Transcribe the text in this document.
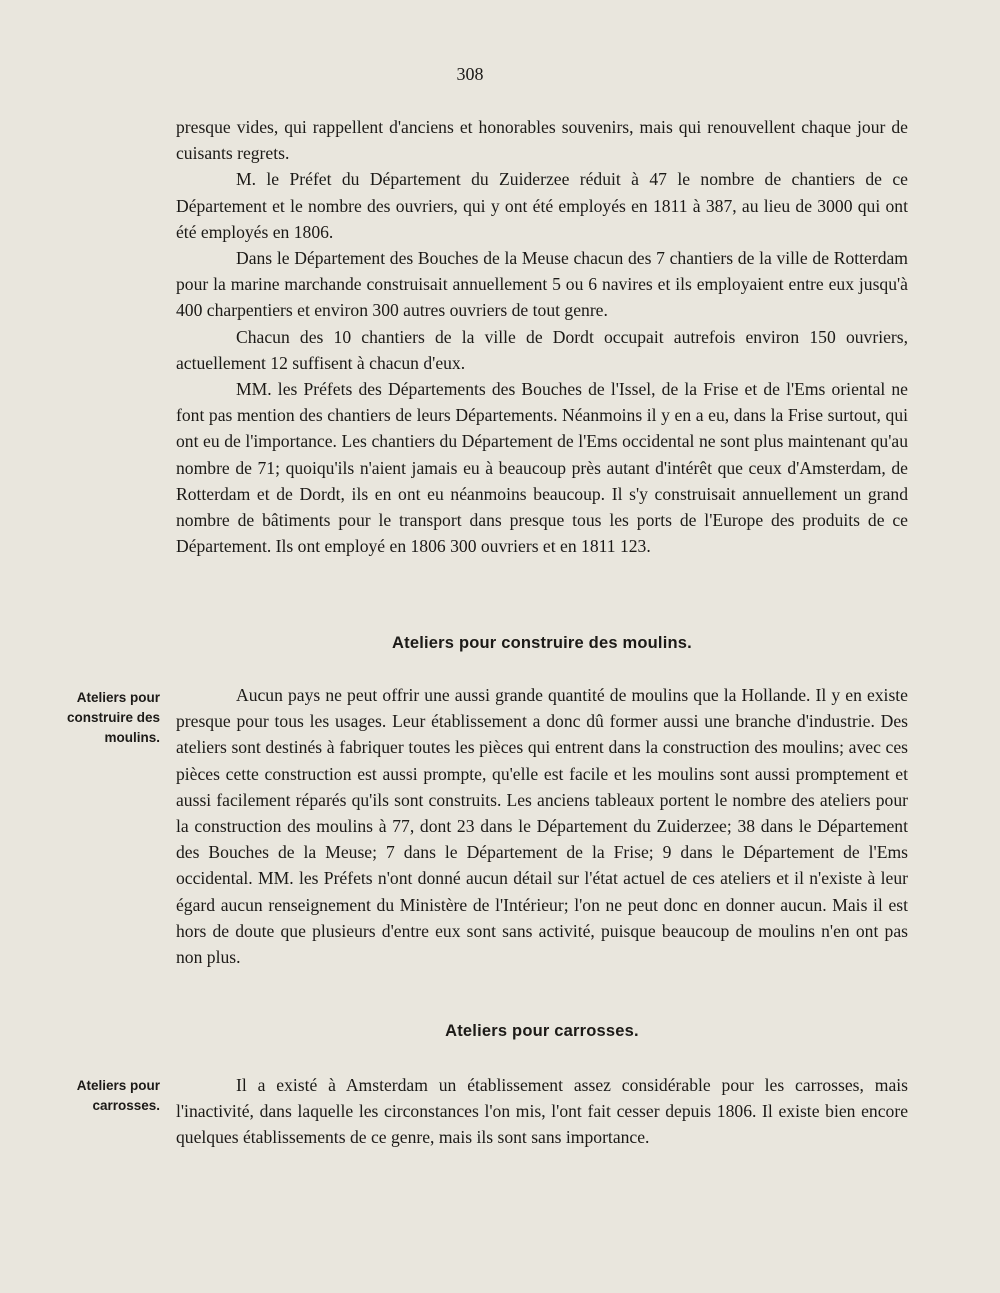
308

presque vides, qui rappellent d'anciens et honorables souvenirs, mais qui renouvellent chaque jour de cuisants regrets.

M. le Préfet du Département du Zuiderzee réduit à 47 le nombre de chantiers de ce Département et le nombre des ouvriers, qui y ont été employés en 1811 à 387, au lieu de 3000 qui ont été employés en 1806.

Dans le Département des Bouches de la Meuse chacun des 7 chantiers de la ville de Rotterdam pour la marine marchande construisait annuellement 5 ou 6 navires et ils employaient entre eux jusqu'à 400 charpentiers et environ 300 autres ouvriers de tout genre.

Chacun des 10 chantiers de la ville de Dordt occupait autrefois environ 150 ouvriers, actuellement 12 suffisent à chacun d'eux.

MM. les Préfets des Départements des Bouches de l'Issel, de la Frise et de l'Ems oriental ne font pas mention des chantiers de leurs Départements. Néanmoins il y en a eu, dans la Frise surtout, qui ont eu de l'importance. Les chantiers du Département de l'Ems occidental ne sont plus maintenant qu'au nombre de 71; quoiqu'ils n'aient jamais eu à beaucoup près autant d'intérêt que ceux d'Amsterdam, de Rotterdam et de Dordt, ils en ont eu néanmoins beaucoup. Il s'y construisait annuellement un grand nombre de bâtiments pour le transport dans presque tous les ports de l'Europe des produits de ce Département. Ils ont employé en 1806 300 ouvriers et en 1811 123.

Ateliers pour construire des moulins.
Ateliers pour construire des moulins.

Aucun pays ne peut offrir une aussi grande quantité de moulins que la Hollande. Il y en existe presque pour tous les usages. Leur établissement a donc dû former aussi une branche d'industrie. Des ateliers sont destinés à fabriquer toutes les pièces qui entrent dans la construction des moulins; avec ces pièces cette construction est aussi prompte, qu'elle est facile et les moulins sont aussi promptement et aussi facilement réparés qu'ils sont construits. Les anciens tableaux portent le nombre des ateliers pour la construction des moulins à 77, dont 23 dans le Département du Zuiderzee; 38 dans le Département des Bouches de la Meuse; 7 dans le Département de la Frise; 9 dans le Département de l'Ems occidental. MM. les Préfets n'ont donné aucun détail sur l'état actuel de ces ateliers et il n'existe à leur égard aucun renseignement du Ministère de l'Intérieur; l'on ne peut donc en donner aucun. Mais il est hors de doute que plusieurs d'entre eux sont sans activité, puisque beaucoup de moulins n'en ont pas non plus.

Ateliers pour carrosses.
Ateliers pour carrosses.

Il a existé à Amsterdam un établissement assez considérable pour les carrosses, mais l'inactivité, dans laquelle les circonstances l'on mis, l'ont fait cesser depuis 1806. Il existe bien encore quelques établissements de ce genre, mais ils sont sans importance.
